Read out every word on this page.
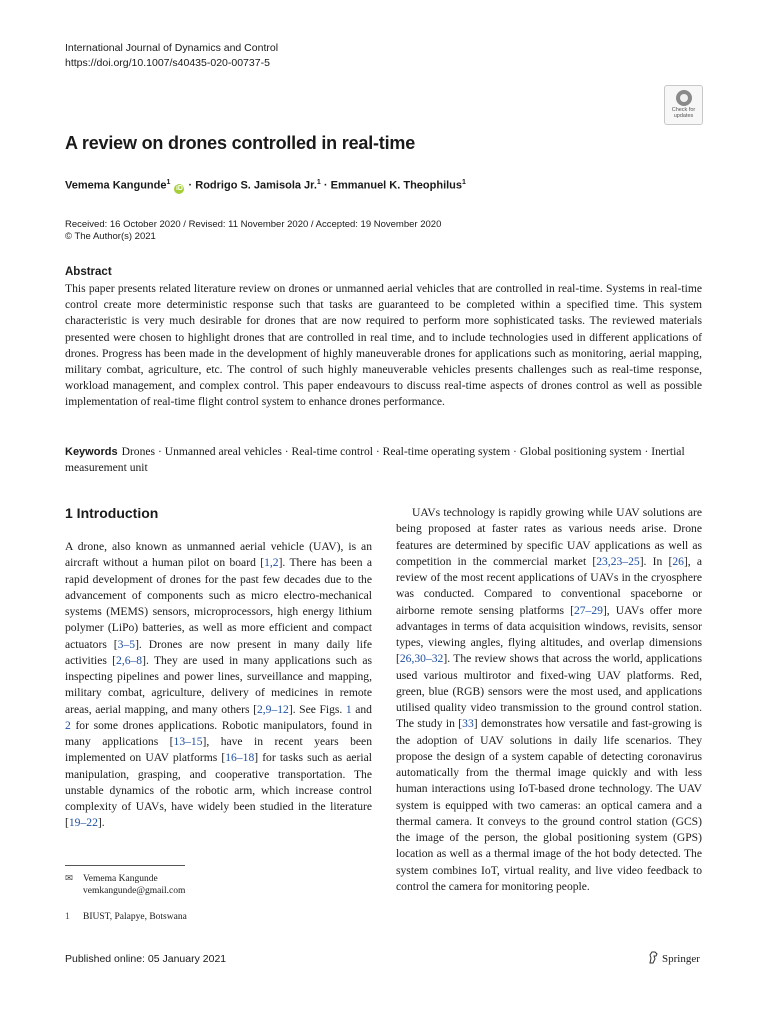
International Journal of Dynamics and Control
https://doi.org/10.1007/s40435-020-00737-5
Check for
updates
A review on drones controlled in real-time
Vemema Kangunde$^1$ iD · Rodrigo S. Jamisola Jr.$^1$ · Emmanuel K. Theophilus$^1$
Received: 16 October 2020 / Revised: 11 November 2020 / Accepted: 19 November 2020
© The Author(s) 2021
Abstract

This paper presents related literature review on drones or unmanned aerial vehicles that are controlled in real-time. Systems in real-time control create more deterministic response such that tasks are guaranteed to be completed within a specified time. This system characteristic is very much desirable for drones that are now required to perform more sophisticated tasks. The reviewed materials presented were chosen to highlight drones that are controlled in real time, and to include technologies used in different applications of drones. Progress has been made in the development of highly maneuverable drones for applications such as monitoring, aerial mapping, military combat, agriculture, etc. The control of such highly maneuverable vehicles presents challenges such as real-time response, workload management, and complex control. This paper endeavours to discuss real-time aspects of drones control as well as possible implementation of real-time flight control system to enhance drones performance.

Keywords Drones · Unmanned areal vehicles · Real-time control · Real-time operating system · Global positioning system · Inertial measurement unit
1 Introduction

A drone, also known as unmanned aerial vehicle (UAV), is an aircraft without a human pilot on board [1,2]. There has been a rapid development of drones for the past few decades due to the advancement of components such as micro electro-mechanical systems (MEMS) sensors, microprocessors, high energy lithium polymer (LiPo) batteries, as well as more efficient and compact actuators [3–5]. Drones are now present in many daily life activities [2,6–8]. They are used in many applications such as inspecting pipelines and power lines, surveillance and mapping, military combat, agriculture, delivery of medicines in remote areas, aerial mapping, and many others [2,9–12]. See Figs. 1 and 2 for some drones applications. Robotic manipulators, found in many applications [13–15], have in recent years been implemented on UAV platforms [16–18] for tasks such as aerial manipulation, grasping, and cooperative transportation. The unstable dynamics of the robotic arm, which increase control complexity of UAVs, have widely been studied in the literature [19–22].

UAVs technology is rapidly growing while UAV solutions are being proposed at faster rates as various needs arise. Drone features are determined by specific UAV applications as well as competition in the commercial market [23,23–25]. In [26], a review of the most recent applications of UAVs in the cryosphere was conducted. Compared to conventional spaceborne or airborne remote sensing platforms [27–29], UAVs offer more advantages in terms of data acquisition windows, revisits, sensor types, viewing angles, flying altitudes, and overlap dimensions [26,30–32]. The review shows that across the world, applications used various multirotor and fixed-wing UAV platforms. Red, green, blue (RGB) sensors were the most used, and applications utilised quality video transmission to the ground control station. The study in [33] demonstrates how versatile and fast-growing is the adoption of UAV solutions in daily life scenarios. They propose the design of a system capable of detecting coronavirus automatically from the thermal image quickly and with less human interactions using IoT-based drone technology. The UAV system is equipped with two cameras: an optical camera and a thermal camera. It conveys to the ground control station (GCS) the image of the person, the global positioning system (GPS) location as well as a thermal image of the hot body detected. The system combines IoT, virtual reality, and live video feedback to control the camera for monitoring people.

✉ Vemema Kangunde
vemkangunde@gmail.com
1 BIUST, Palapye, Botswana
Published online: 05 January 2021	Springer
